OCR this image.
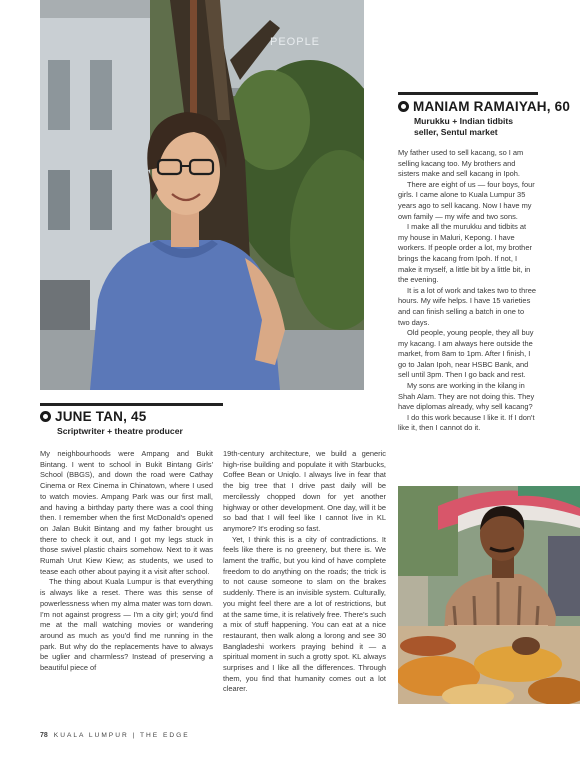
PEOPLE
JUNE TAN, 45
Scriptwriter + theatre producer

My neighbourhoods were Ampang and Bukit Bintang. I went to school in Bukit Bintang Girls' School (BBGS), and down the road were Cathay Cinema or Rex Cinema in Chinatown, where I used to watch movies. Ampang Park was our first mall, and having a birthday party there was a cool thing then. I remember when the first McDonald's opened on Jalan Bukit Bintang and my father brought us there to check it out, and I got my legs stuck in those swivel plastic chairs somehow. Next to it was Rumah Urut Kiew Kiew; as students, we used to tease each other about paying it a visit after school.

The thing about Kuala Lumpur is that everything is always like a reset. There was this sense of powerlessness when my alma mater was torn down. I'm not against progress — I'm a city girl; you'd find me at the mall watching movies or wandering around as much as you'd find me running in the park. But why do the replacements have to always be uglier and charmless? Instead of preserving a beautiful piece of

19th-century architecture, we build a generic high-rise building and populate it with Starbucks, Coffee Bean or Uniqlo. I always live in fear that the big tree that I drive past daily will be mercilessly chopped down for yet another highway or other development. One day, will it be so bad that I will feel like I cannot live in KL anymore? It's eroding so fast.

Yet, I think this is a city of contradictions. It feels like there is no greenery, but there is. We lament the traffic, but you kind of have complete freedom to do anything on the roads; the trick is to not cause someone to slam on the brakes suddenly. There is an invisible system. Culturally, you might feel there are a lot of restrictions, but at the same time, it is relatively free. There's such a mix of stuff happening. You can eat at a nice restaurant, then walk along a lorong and see 30 Bangladeshi workers praying behind it — a spiritual moment in such a grotty spot. KL always surprises and I like all the differences. Through them, you find that humanity comes out a lot clearer.

MANIAM RAMAIYAH, 60
Murukku + Indian tidbits
seller, Sentul market

My father used to sell kacang, so I am selling kacang too. My brothers and sisters make and sell kacang in Ipoh.

There are eight of us — four boys, four girls. I came alone to Kuala Lumpur 35 years ago to sell kacang. Now I have my own family — my wife and two sons.

I make all the murukku and tidbits at my house in Maluri, Kepong. I have workers. If people order a lot, my brother brings the kacang from Ipoh. If not, I make it myself, a little bit by a little bit, in the evening.

It is a lot of work and takes two to three hours. My wife helps. I have 15 varieties and can finish selling a batch in one to two days.

Old people, young people, they all buy my kacang. I am always here outside the market, from 8am to 1pm. After I finish, I go to Jalan Ipoh, near HSBC Bank, and sell until 3pm. Then I go back and rest.

My sons are working in the kilang in Shah Alam. They are not doing this. They have diplomas already, why sell kacang?

I do this work because I like it. If I don't like it, then I cannot do it.

78 KUALA LUMPUR | THE EDGE
